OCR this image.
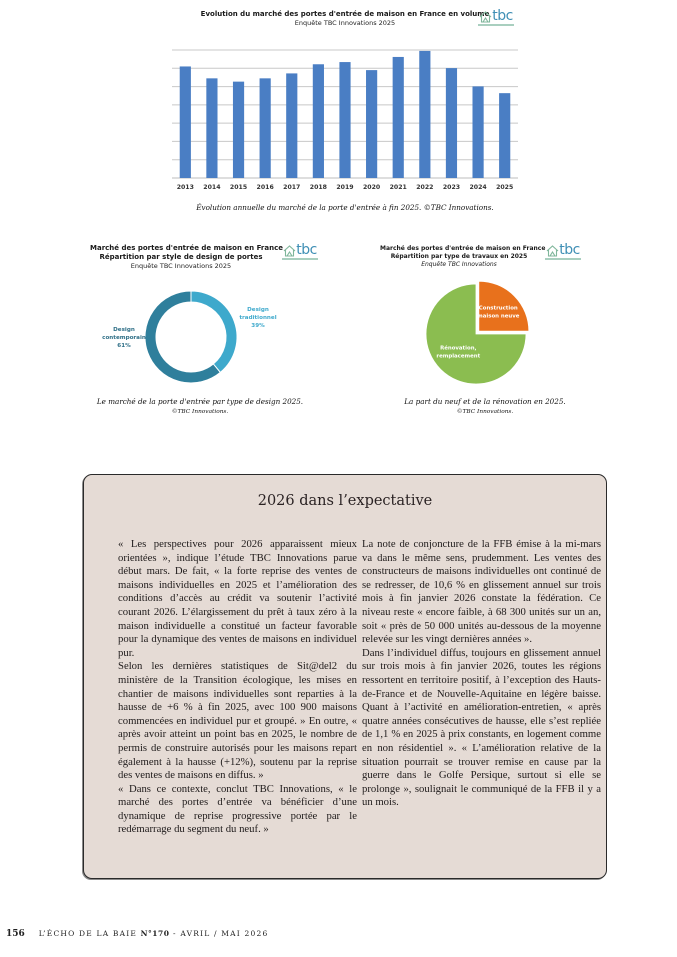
Evolution du marché des portes d'entrée de maison en France en volume
Enquête TBC Innovations 2025
2013 2014 2015 2016 2017 2018 2019 2020 2021 2022 2023 2024 2025
tbc
Évolution annuelle du marché de la porte d'entrée à fin 2025. ©TBC Innovations.
Marché des portes d'entrée de maison en France
Répartition par style de design de portes
Enquête TBC Innovations 2025
Design
traditionnel
39%
Design
contemporain
61%
tbc
Le marché de la porte d'entrée par type de design 2025.
©TBC Innovations.
Marché des portes d'entrée de maison en France
Répartition par type de travaux en 2025
Enquête TBC Innovations
Construction
maison neuve
Rénovation,
remplacement
tbc
La part du neuf et de la rénovation en 2025.
©TBC Innovations.
2026 dans l’expectative

« Les perspectives pour 2026 apparaissent mieux orientées », indique l’étude TBC Innovations parue début mars. De fait, « la forte reprise des ventes de maisons individuelles en 2025 et l’amélioration des conditions d’accès au crédit va soutenir l’activité courant 2026. L’élargissement du prêt à taux zéro à la maison individuelle a constitué un facteur favorable pour la dynamique des ventes de maisons en individuel pur.

Selon les dernières statistiques de Sit@del2 du ministère de la Transition écologique, les mises en chantier de maisons individuelles sont reparties à la hausse de +6 % à fin 2025, avec 100 900 maisons commencées en individuel pur et groupé. » En outre, « après avoir atteint un point bas en 2025, le nombre de permis de construire autorisés pour les maisons repart également à la hausse (+12%), soutenu par la reprise des ventes de maisons en diffus. »

« Dans ce contexte, conclut TBC Innovations, « le marché des portes d’entrée va bénéficier d’une dynamique de reprise progressive portée par le redémarrage du segment du neuf. »

La note de conjoncture de la FFB émise à la mi-mars va dans le même sens, prudemment. Les ventes des constructeurs de maisons individuelles ont continué de se redresser, de 10,6 % en glissement annuel sur trois mois à fin janvier 2026 constate la fédération. Ce niveau reste « encore faible, à 68 300 unités sur un an, soit « près de 50 000 unités au-dessous de la moyenne relevée sur les vingt dernières années ».

Dans l’individuel diffus, toujours en glissement annuel sur trois mois à fin janvier 2026, toutes les régions ressortent en territoire positif, à l’exception des Hauts-de-France et de Nouvelle-Aquitaine en légère baisse. Quant à l’activité en amélioration-entretien, « après quatre années consécutives de hausse, elle s’est repliée de 1,1 % en 2025 à prix constants, en logement comme en non résidentiel ». « L’amélioration relative de la situation pourrait se trouver remise en cause par la guerre dans le Golfe Persique, surtout si elle se prolonge », soulignait le communiqué de la FFB il y a un mois.

156 L’ÉCHO DE LA BAIE N°170 - AVRIL / MAI 2026
